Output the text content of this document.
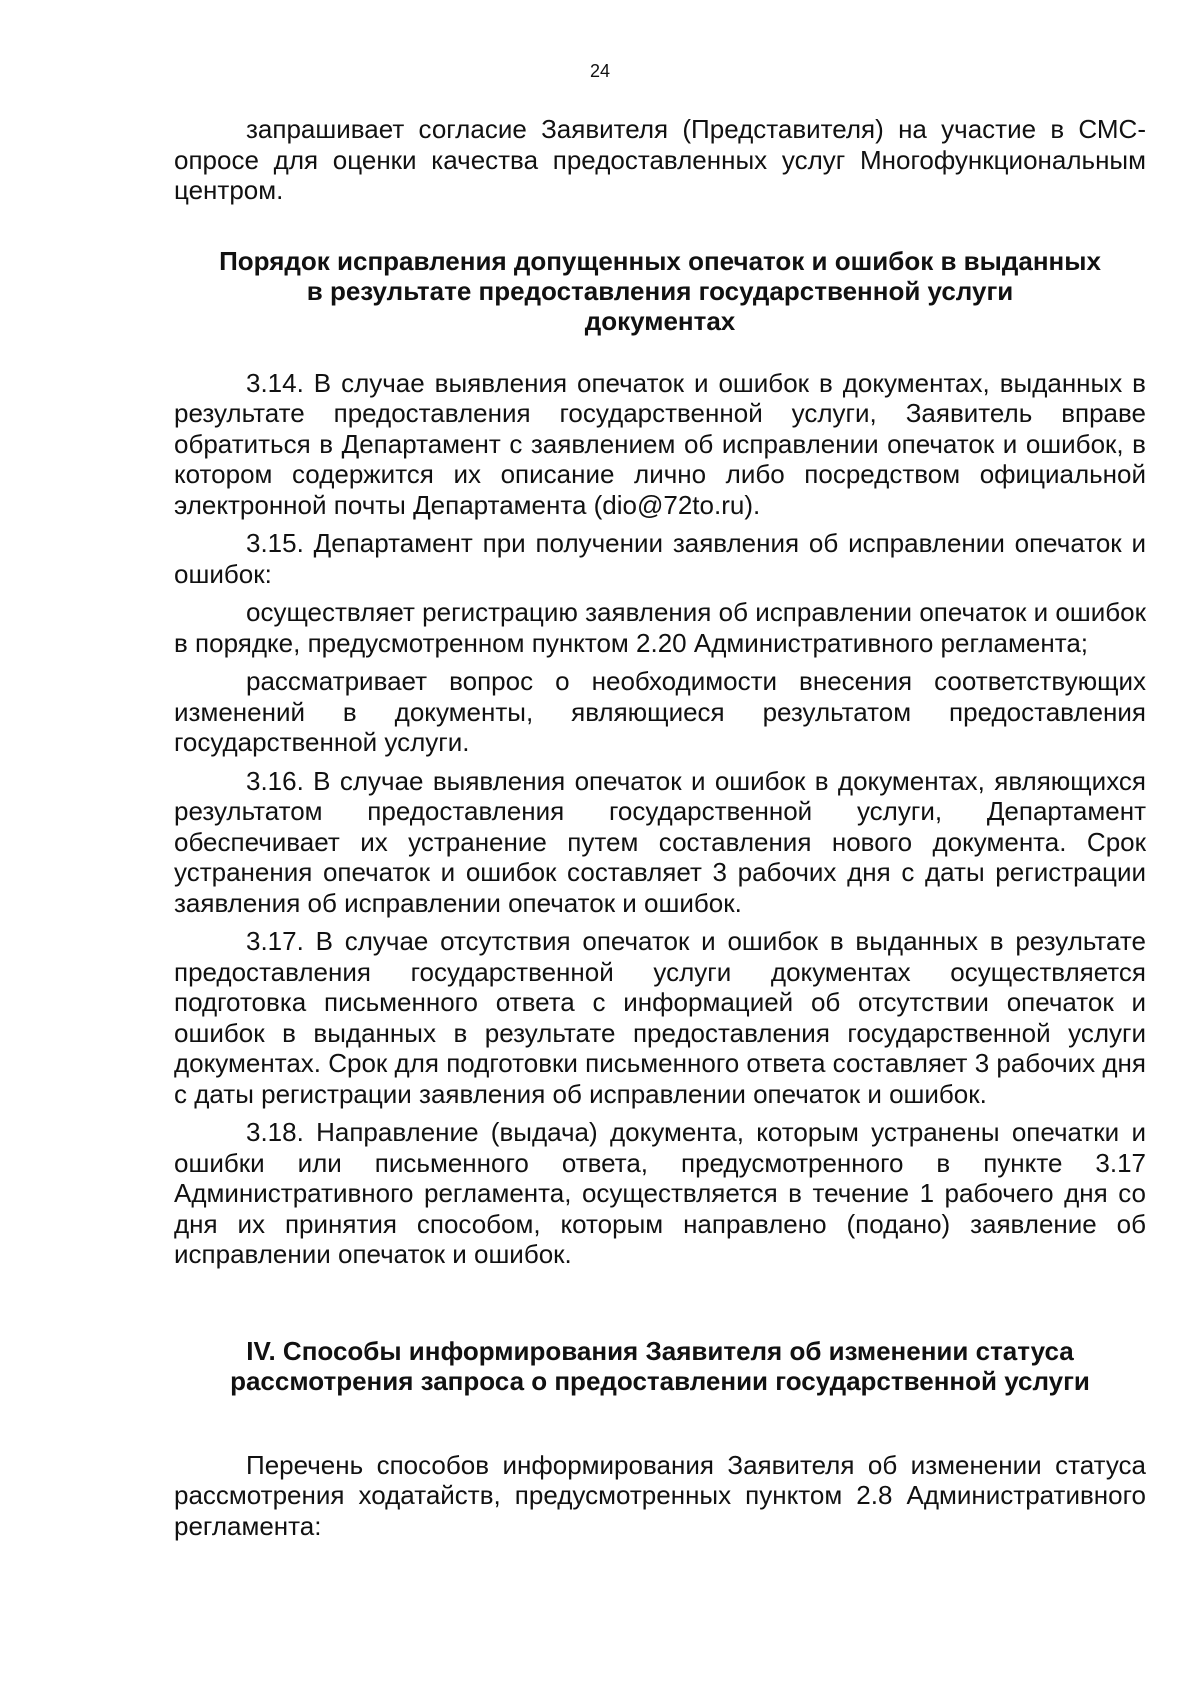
24

запрашивает согласие Заявителя (Представителя) на участие в СМС-опросе для оценки качества предоставленных услуг Многофункциональным центром.

Порядок исправления допущенных опечаток и ошибок в выданных
в результате предоставления государственной услуги
документах

3.14. В случае выявления опечаток и ошибок в документах, выданных в результате предоставления государственной услуги, Заявитель вправе обратиться в Департамент с заявлением об исправлении опечаток и ошибок, в котором содержится их описание лично либо посредством официальной электронной почты Департамента (dio@72to.ru).

3.15. Департамент при получении заявления об исправлении опечаток и ошибок:

осуществляет регистрацию заявления об исправлении опечаток и ошибок в порядке, предусмотренном пунктом 2.20 Административного регламента;

рассматривает вопрос о необходимости внесения соответствующих изменений в документы, являющиеся результатом предоставления государственной услуги.

3.16. В случае выявления опечаток и ошибок в документах, являющихся результатом предоставления государственной услуги, Департамент обеспечивает их устранение путем составления нового документа. Срок устранения опечаток и ошибок составляет 3 рабочих дня с даты регистрации заявления об исправлении опечаток и ошибок.

3.17. В случае отсутствия опечаток и ошибок в выданных в результате предоставления государственной услуги документах осуществляется подготовка письменного ответа с информацией об отсутствии опечаток и ошибок в выданных в результате предоставления государственной услуги документах. Срок для подготовки письменного ответа составляет 3 рабочих дня с даты регистрации заявления об исправлении опечаток и ошибок.

3.18. Направление (выдача) документа, которым устранены опечатки и ошибки или письменного ответа, предусмотренного в пункте 3.17 Административного регламента, осуществляется в течение 1 рабочего дня со дня их принятия способом, которым направлено (подано) заявление об исправлении опечаток и ошибок.

IV. Способы информирования Заявителя об изменении статуса
рассмотрения запроса о предоставлении государственной услуги

Перечень способов информирования Заявителя об изменении статуса рассмотрения ходатайств, предусмотренных пунктом 2.8 Административного регламента:
